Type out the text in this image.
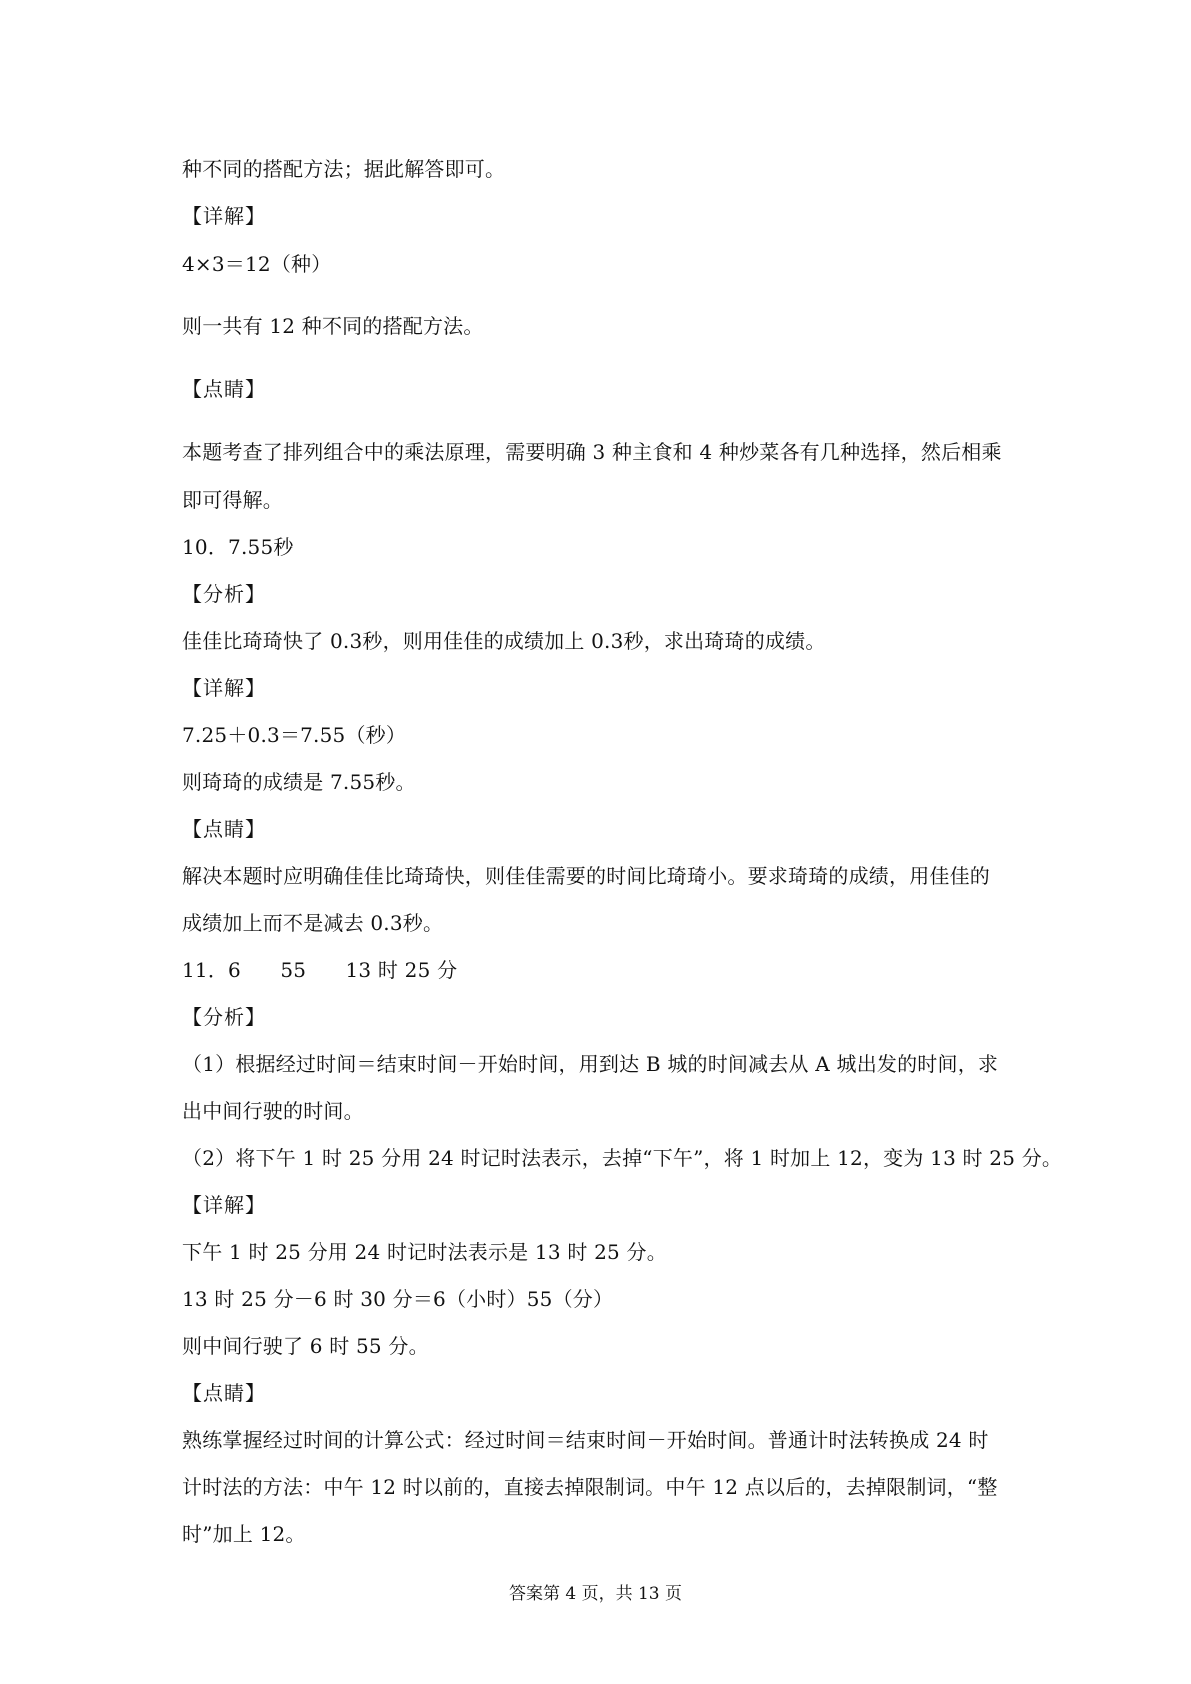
种不同的搭配方法；据此解答即可。
【详解】
4×3＝12（种）
则一共有 12 种不同的搭配方法。
【点睛】
本题考查了排列组合中的乘法原理，需要明确 3 种主食和 4 种炒菜各有几种选择，然后相乘
即可得解。
10．7.55秒
【分析】
佳佳比琦琦快了 0.3秒，则用佳佳的成绩加上 0.3秒，求出琦琦的成绩。
【详解】
7.25＋0.3＝7.55（秒）
则琦琦的成绩是 7.55秒。
【点睛】
解决本题时应明确佳佳比琦琦快，则佳佳需要的时间比琦琦小。要求琦琦的成绩，用佳佳的
成绩加上而不是减去 0.3秒。
11．6      55      13 时 25 分
【分析】
（1）根据经过时间＝结束时间－开始时间，用到达 B 城的时间减去从 A 城出发的时间，求
出中间行驶的时间。
（2）将下午 1 时 25 分用 24 时记时法表示，去掉“下午”，将 1 时加上 12，变为 13 时 25 分。
【详解】
下午 1 时 25 分用 24 时记时法表示是 13 时 25 分。
13 时 25 分－6 时 30 分＝6（小时）55（分）
则中间行驶了 6 时 55 分。
【点睛】
熟练掌握经过时间的计算公式：经过时间＝结束时间－开始时间。普通计时法转换成 24 时
计时法的方法：中午 12 时以前的，直接去掉限制词。中午 12 点以后的，去掉限制词，“整
时”加上 12。
答案第 4 页，共 13 页
